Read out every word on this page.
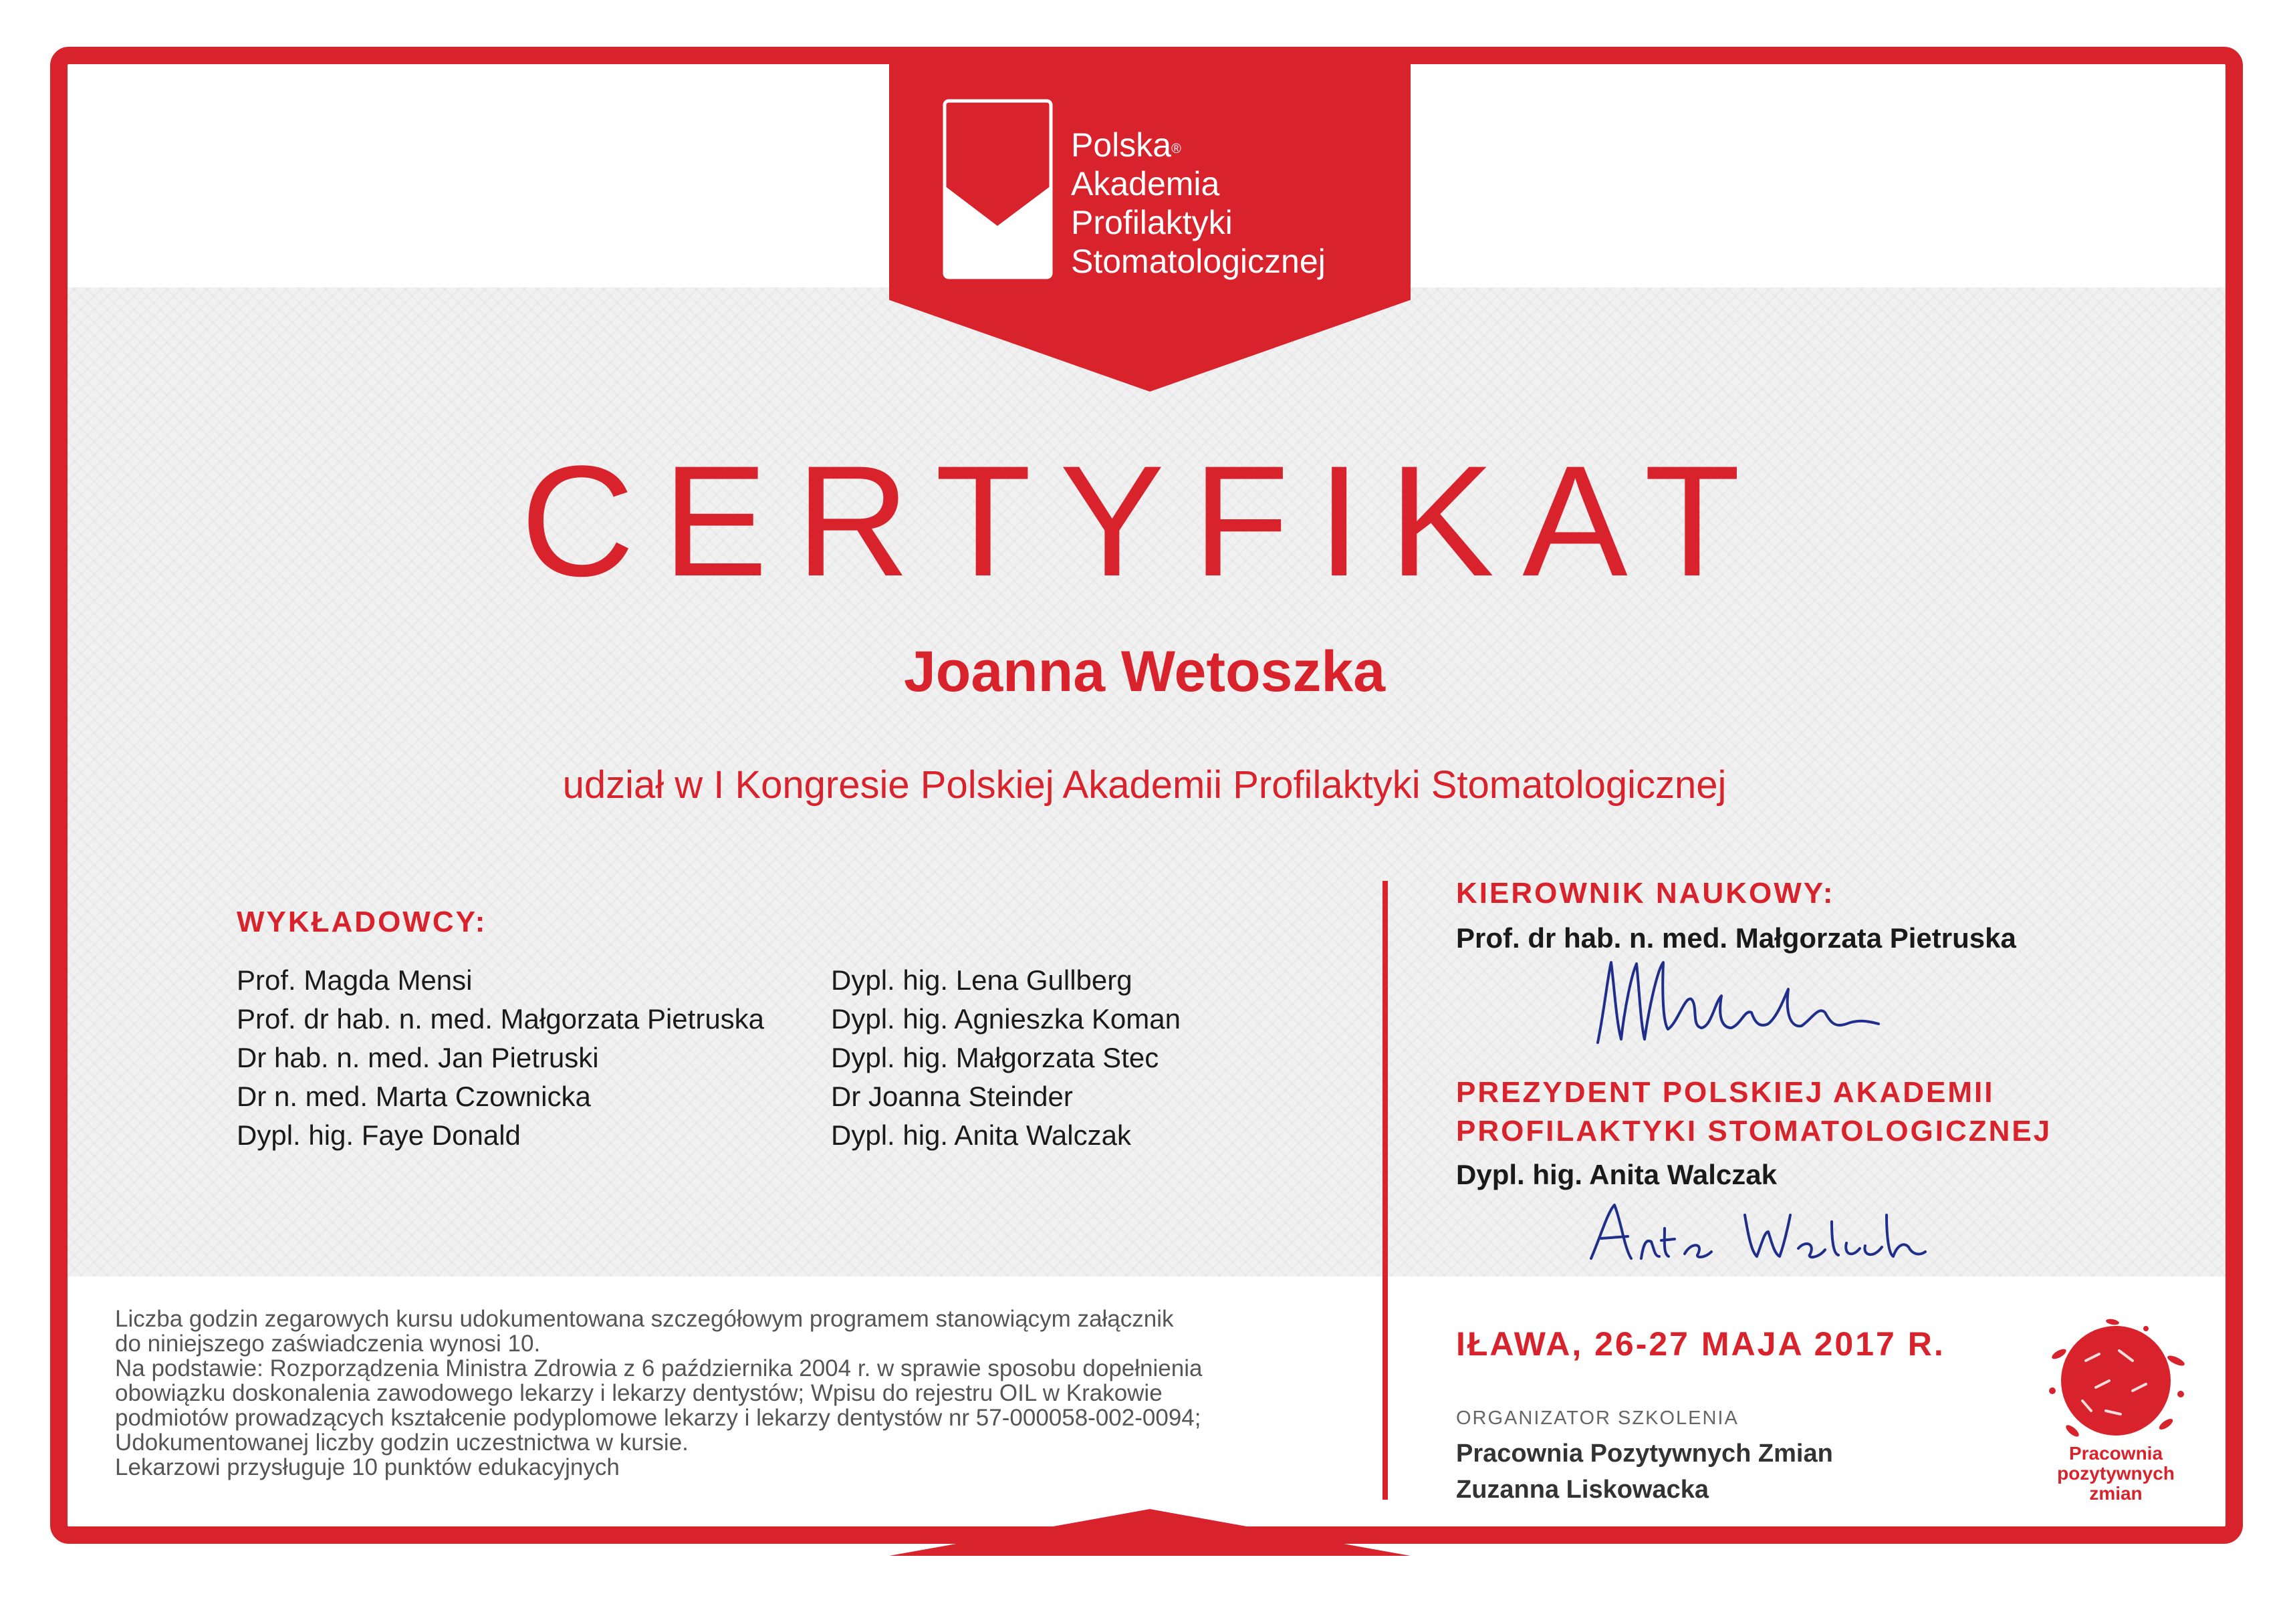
Polska®
Akademia
Profilaktyki
Stomatologicznej
CERTYFIKAT
Joanna Wetoszka
udział w I Kongresie Polskiej Akademii Profilaktyki Stomatologicznej
WYKŁADOWCY:
Prof. Magda Mensi
Prof. dr hab. n. med. Małgorzata Pietruska
Dr hab. n. med. Jan Pietruski
Dr n. med. Marta Czownicka
Dypl. hig. Faye Donald
Dypl. hig. Lena Gullberg
Dypl. hig. Agnieszka Koman
Dypl. hig. Małgorzata Stec
Dr Joanna Steinder
Dypl. hig. Anita Walczak
KIEROWNIK NAUKOWY:
Prof. dr hab. n. med. Małgorzata Pietruska
PREZYDENT POLSKIEJ AKADEMII
PROFILAKTYKI STOMATOLOGICZNEJ
Dypl. hig. Anita Walczak
Liczba godzin zegarowych kursu udokumentowana szczegółowym programem stanowiącym załącznik
do niniejszego zaświadczenia wynosi 10.
Na podstawie: Rozporządzenia Ministra Zdrowia z 6 października 2004 r. w sprawie sposobu dopełnienia
obowiązku doskonalenia zawodowego lekarzy i lekarzy dentystów; Wpisu do rejestru OIL w Krakowie
podmiotów prowadzących kształcenie podyplomowe lekarzy i lekarzy dentystów nr 57-000058-002-0094;
Udokumentowanej liczby godzin uczestnictwa w kursie.
Lekarzowi przysługuje 10 punktów edukacyjnych
IŁAWA, 26-27 MAJA 2017 R.
ORGANIZATOR SZKOLENIA
Pracownia Pozytywnych Zmian
Zuzanna Liskowacka
Pracownia
pozytywnych
zmian
